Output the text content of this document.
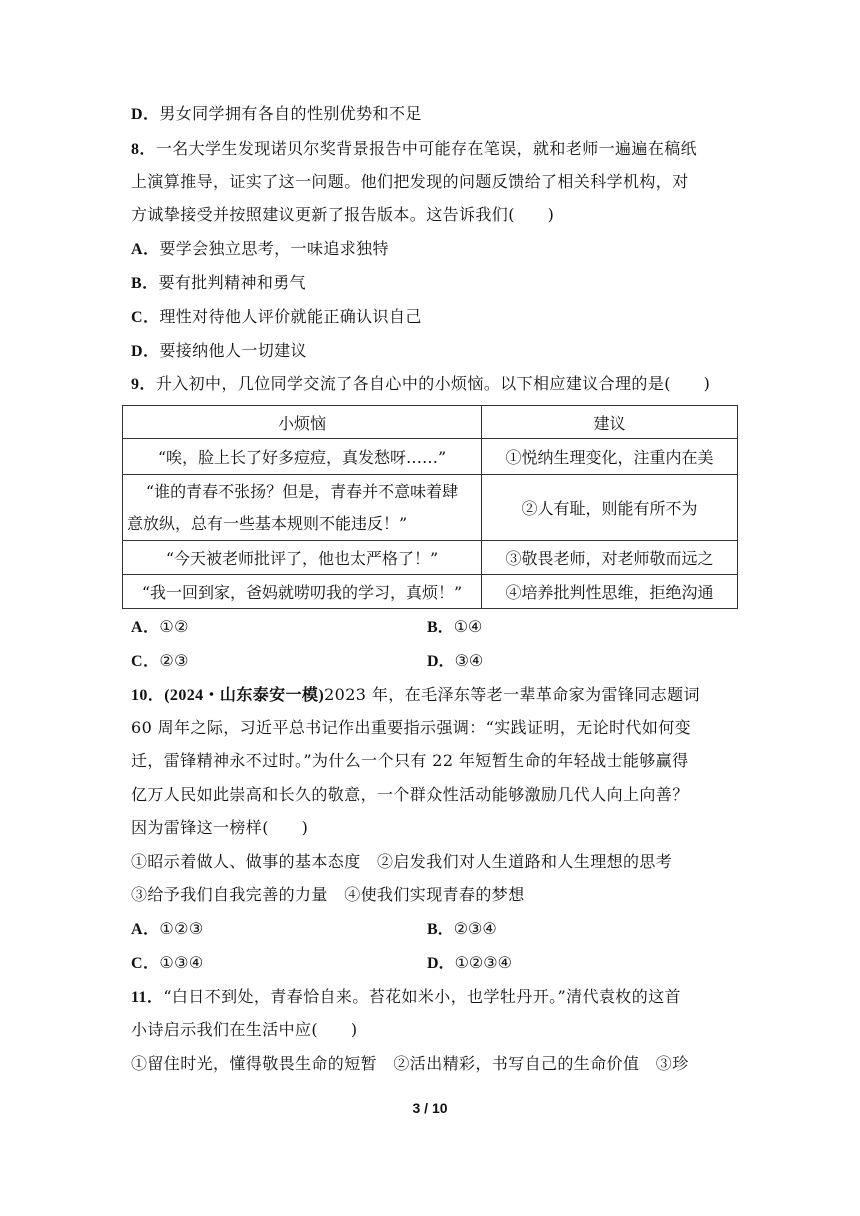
D．男女同学拥有各自的性别优势和不足
8．一名大学生发现诺贝尔奖背景报告中可能存在笔误，就和老师一遍遍在稿纸
上演算推导，证实了这一问题。他们把发现的问题反馈给了相关科学机构，对
方诚挚接受并按照建议更新了报告版本。这告诉我们(　　)
A．要学会独立思考，一味追求独特
B．要有批判精神和勇气
C．理性对待他人评价就能正确认识自己
D．要接纳他人一切建议
9．升入初中，几位同学交流了各自心中的小烦恼。以下相应建议合理的是(　　)
小烦恼	建议
“唉，脸上长了好多痘痘，真发愁呀……”	①悦纳生理变化，注重内在美

“谁的青春不张扬？但是，青春并不意味着肆
意放纵，总有一些基本规则不能违反！”	②人有耻，则能有所不为
“今天被老师批评了，他也太严格了！”	③敬畏老师，对老师敬而远之
“我一回到家，爸妈就唠叨我的学习，真烦！”	④培养批判性思维，拒绝沟通
A．①②	B．①④
C．②③	D．③④
10．(2024・山东泰安一模)2023 年，在毛泽东等老一辈革命家为雷锋同志题词
60 周年之际，习近平总书记作出重要指示强调：“实践证明，无论时代如何变
迁，雷锋精神永不过时。”为什么一个只有 22 年短暂生命的年轻战士能够赢得
亿万人民如此崇高和长久的敬意，一个群众性活动能够激励几代人向上向善？
因为雷锋这一榜样(　　)
①昭示着做人、做事的基本态度　②启发我们对人生道路和人生理想的思考
③给予我们自我完善的力量　④使我们实现青春的梦想
A．①②③	B．②③④
C．①③④	D．①②③④
11．“白日不到处，青春恰自来。苔花如米小，也学牡丹开。”清代袁枚的这首
小诗启示我们在生活中应(　　)
①留住时光，懂得敬畏生命的短暂　②活出精彩，书写自己的生命价值　③珍
3 / 10
